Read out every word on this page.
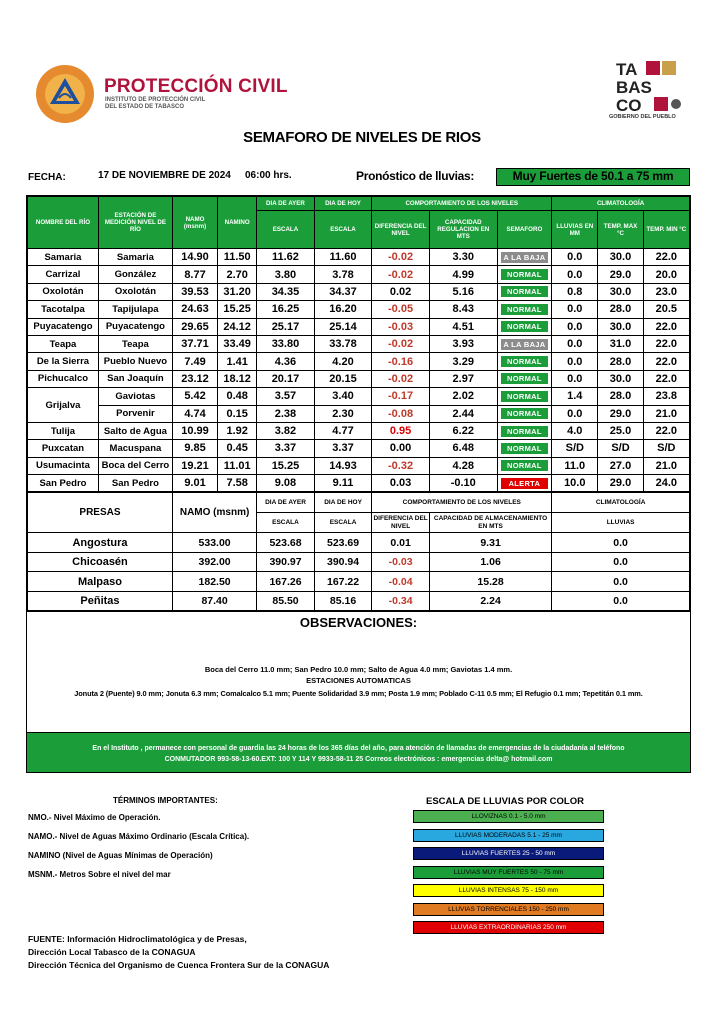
PROTECCIÓN CIVIL
INSTITUTO DE PROTECCIÓN CIVIL
DEL ESTADO DE TABASCO
TA
BAS
CO
GOBIERNO DEL PUEBLO
SEMAFORO DE NIVELES DE RIOS
FECHA:	17 DE NOVIEMBRE DE 2024 06:00 hrs.	Pronóstico de lluvias:	Muy Fuertes de 50.1 a 75 mm
NOMBRE DEL RÍO	ESTACIÓN DE MEDICIÓN NIVEL DE RÍO	NAMO (msnm)	NAMINO	DIA DE AYER	DIA DE HOY	COMPORTAMIENTO DE LOS NIVELES			CLIMATOLOGÍA		
				ESCALA	ESCALA	DIFERENCIA DEL NIVEL	CAPACIDAD REGULACION EN MTS	SEMAFORO	LLUVIAS EN MM	TEMP. MAX °C	TEMP. MIN °C
Samaria	Samaria	14.90	11.50	11.62	11.60	-0.02	3.30	A LA BAJA	0.0	30.0	22.0
Carrizal	González	8.77	2.70	3.80	3.78	-0.02	4.99	NORMAL	0.0	29.0	20.0
Oxolotán	Oxolotán	39.53	31.20	34.35	34.37	0.02	5.16	NORMAL	0.8	30.0	23.0
Tacotalpa	Tapijulapa	24.63	15.25	16.25	16.20	-0.05	8.43	NORMAL	0.0	28.0	20.5
Puyacatengo	Puyacatengo	29.65	24.12	25.17	25.14	-0.03	4.51	NORMAL	0.0	30.0	22.0
Teapa	Teapa	37.71	33.49	33.80	33.78	-0.02	3.93	A LA BAJA	0.0	31.0	22.0
De la Sierra	Pueblo Nuevo	7.49	1.41	4.36	4.20	-0.16	3.29	NORMAL	0.0	28.0	22.0
Pichucalco	San Joaquín	23.12	18.12	20.17	20.15	-0.02	2.97	NORMAL	0.0	30.0	22.0
Grijalva	Gaviotas	5.42	0.48	3.57	3.40	-0.17	2.02	NORMAL	1.4	28.0	23.8
	Porvenir	4.74	0.15	2.38	2.30	-0.08	2.44	NORMAL	0.0	29.0	21.0
Tulija	Salto de Agua	10.99	1.92	3.82	4.77	0.95	6.22	NORMAL	4.0	25.0	22.0
Puxcatan	Macuspana	9.85	0.45	3.37	3.37	0.00	6.48	NORMAL	S/D	S/D	S/D
Usumacinta	Boca del Cerro	19.21	11.01	15.25	14.93	-0.32	4.28	NORMAL	11.0	27.0	21.0
San Pedro	San Pedro	9.01	7.58	9.08	9.11	0.03	-0.10	ALERTA	10.0	29.0	24.0
PRESAS	NAMO (msnm)	DIA DE AYER	DIA DE HOY	COMPORTAMIENTO DE LOS NIVELES		CLIMATOLOGÍA
		ESCALA	ESCALA	DIFERENCIA DEL NIVEL	CAPACIDAD DE ALMACENAMIENTO EN MTS	LLUVIAS
Angostura	533.00	523.68	523.69	0.01	9.31	0.0
Chicoasén	392.00	390.97	390.94	-0.03	1.06	0.0
Malpaso	182.50	167.26	167.22	-0.04	15.28	0.0
Peñitas	87.40	85.50	85.16	-0.34	2.24	0.0
OBSERVACIONES:
Boca del Cerro 11.0 mm; San Pedro 10.0 mm; Salto de Agua 4.0 mm; Gaviotas 1.4 mm.
ESTACIONES AUTOMATICAS
Jonuta 2 (Puente) 9.0 mm; Jonuta 6.3 mm; Comalcalco 5.1 mm; Puente Solidaridad 3.9 mm; Posta 1.9 mm; Poblado C-11 0.5 mm; El Refugio 0.1 mm; Tepetitán 0.1 mm.
En el Instituto , permanece con personal de guardia las 24 horas de los 365 días del año, para atención de llamadas de emergencias de la ciudadanía al teléfono
CONMUTADOR 993-58-13-60.EXT: 100 Y 114 Y 9933-58-11 25 Correos electrónicos : emergencias delta@ hotmail.com
TÉRMINOS IMPORTANTES:
NMO.- Nivel Máximo de Operación.
NAMO.- Nivel de Aguas Máximo Ordinario (Escala Crítica).
NAMINO (Nivel de Aguas Mínimas de Operación)
MSNM.- Metros Sobre el nivel del mar
ESCALA DE LLUVIAS POR COLOR
LLOVIZNAS 0.1 - 5.0 mm
LLUVIAS MODERADAS 5.1 - 25 mm
LLUVIAS FUERTES 25 - 50 mm
LLUVIAS MUY FUERTES 50 - 75 mm
LLUVIAS INTENSAS 75 - 150 mm
LLUVIAS TORRENCIALES 150 - 250 mm
LLUVIAS EXTRAORDINARIAS 250 mm
FUENTE: Información Hidroclimatológica y de Presas,
Dirección Local Tabasco de la CONAGUA
Dirección Técnica del Organismo de Cuenca Frontera Sur de la CONAGUA
